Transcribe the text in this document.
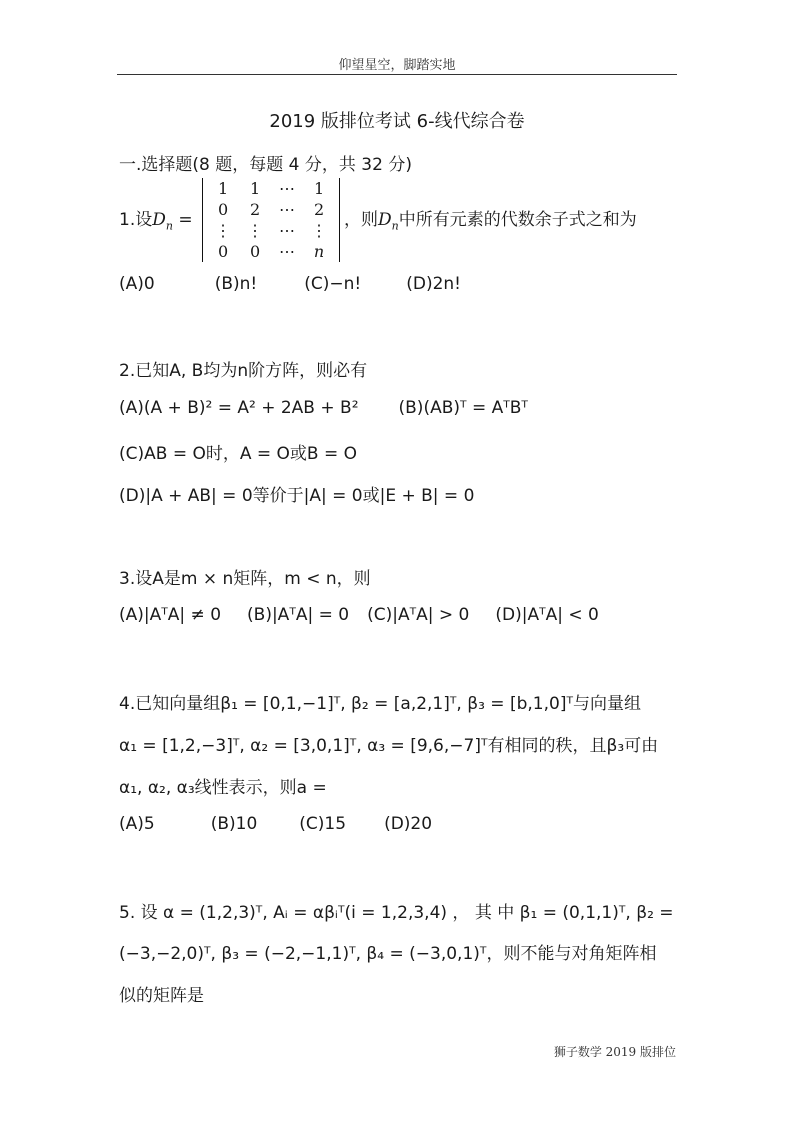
仰望星空，脚踏实地
2019 版排位考试 6-线代综合卷
一.选择题(8 题，每题 4 分，共 32 分)
1.设$D_n$ =
1	1	⋯	1
0	2	⋯	2
⋮	⋮	⋯	⋮
0	0	⋯	n
，则$D_n$中所有元素的代数余子式之和为
(A)0	(B)n!	(C)−n!	(D)2n!
2.已知A, B均为n阶方阵，则必有
(A)(A + B)² = A² + 2AB + B² (B)(AB)ᵀ = AᵀBᵀ
(C)AB = O时，A = O或B = O
(D)|A + AB| = 0等价于|A| = 0或|E + B| = 0
3.设A是m × n矩阵，m < n，则
(A)|AᵀA| ≠ 0 (B)|AᵀA| = 0 (C)|AᵀA| > 0 (D)|AᵀA| < 0
4.已知向量组β₁ = [0,1,−1]ᵀ, β₂ = [a,2,1]ᵀ, β₃ = [b,1,0]ᵀ与向量组
α₁ = [1,2,−3]ᵀ, α₂ = [3,0,1]ᵀ, α₃ = [9,6,−7]ᵀ有相同的秩，且β₃可由
α₁, α₂, α₃线性表示，则a =
(A)5	(B)10 (C)15 (D)20
5. 设 α = (1,2,3)ᵀ, Aᵢ = αβᵢᵀ(i = 1,2,3,4) ， 其 中 β₁ = (0,1,1)ᵀ, β₂ =
(−3,−2,0)ᵀ, β₃ = (−2,−1,1)ᵀ, β₄ = (−3,0,1)ᵀ，则不能与对角矩阵相
似的矩阵是
狮子数学 2019 版排位
